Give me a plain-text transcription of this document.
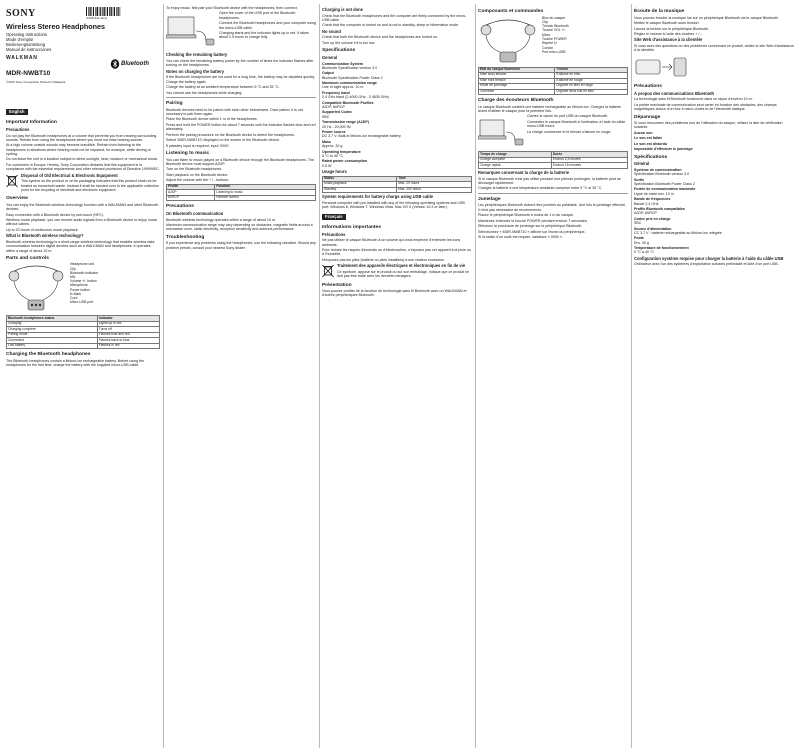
SONY	4-546-111-11(1)
Wireless Stereo Headphones
Operating Instructions
Mode d'emploi
Bedienungsanleitung
Manual de instrucciones
WALKMAN
Bluetooth
MDR-NWBT10
©2013 Sony Corporation Printed in Malaysia
English
Important Information
Precautions

Do not play the Bluetooth headphones at a volume that prevents you from hearing surrounding sounds. Refrain from using the headphones where you must not miss hearing sounds.

At a high volume outside sounds may become inaudible. Refrain from listening to the headphones in situations where hearing must not be impaired, for example, while driving or cycling.

Do not leave the unit in a location subject to direct sunlight, heat, moisture or mechanical shock.

For customers in Europe: Hereby, Sony Corporation declares that this equipment is in compliance with the essential requirements and other relevant provisions of Directive 1999/5/EC.

Disposal of Old Electrical & Electronic Equipment

This symbol on the product or on its packaging indicates that this product shall not be treated as household waste. Instead it shall be handed over to the applicable collection point for the recycling of electrical and electronic equipment.

Overview

You can enjoy the Bluetooth wireless technology function with a WALKMAN and other Bluetooth devices.

Easy connection with a Bluetooth device by one-touch (NFC).

Wireless music playback: you can receive audio signals from a Bluetooth device to enjoy music without cables.

Up to 20 hours of continuous music playback.

What is Bluetooth wireless technology?

Bluetooth wireless technology is a short-range wireless technology that enables wireless data communication between digital devices such as a WALKMAN and headphones. It operates within a range of about 10 m.

Parts and controls
Headphone unit
Clip
Bluetooth indicator
Mic
Volume +/- button
Microphone
Power button
N-Mark
Cord
Micro-USB port
Bluetooth headphones status	Indicator
Charging	Lights up in red
Charging complete	Turns off
Pairing mode	Flashes blue and red
Connected	Flashes twice in blue
Low battery	Flashes in red
Charging the Bluetooth headphones

The Bluetooth headphones contain a lithium-ion rechargeable battery. Before using the headphones for the first time, charge the battery with the supplied micro-USB cable.

To enjoy music, first pair your Bluetooth device with the headphones, then connect.

Open the cover of the USB port of the Bluetooth headphones.

Connect the Bluetooth headphones and your computer using the micro-USB cable.

Charging starts and the indicator lights up in red. It takes about 2.5 hours to charge fully.

Checking the remaining battery

You can check the remaining battery power by the number of times the indicator flashes after turning on the headphones.

Notes on charging the battery

If the Bluetooth headphones are not used for a long time, the battery may be depleted quickly. Charge the battery again.

Charge the battery at an ambient temperature between 5 °C and 35 °C.

You cannot use the headphones while charging.

Pairing

Bluetooth devices need to be paired with each other beforehand. Once paired, it is not necessary to pair them again.

Place the Bluetooth device within 1 m of the headphones.

Press and hold the POWER button for about 7 seconds until the indicator flashes blue and red alternately.

Perform the pairing procedure on the Bluetooth device to detect the headphones.

Select 'MDR-NWBT10' displayed on the screen of the Bluetooth device.

If passkey input is required, input '0000'.

Listening to music

You can listen to music played on a Bluetooth device through the Bluetooth headphones. The Bluetooth device must support A2DP.

Turn on the Bluetooth headphones.

Start playback on the Bluetooth device.

Adjust the volume with the + / - buttons.

Profile	Function
A2DP	Listening to music
AVRCP	Remote control
Precautions
On Bluetooth communication

Bluetooth wireless technology operates within a range of about 10 m.

Maximum communication range may vary depending on obstacles, magnetic fields around a microwave oven, static electricity, reception sensitivity and antenna performance.

Troubleshooting

If you experience any problems using the headphones, use the following checklist. Should any problem persist, consult your nearest Sony dealer.

Charging is not done

Check that the Bluetooth headphones and the computer are firmly connected by the micro-USB cable.

Check that the computer is turned on and is not in standby, sleep or hibernation mode.

No sound

Check that both the Bluetooth device and the headphones are turned on.

Turn up the volume if it is too low.

Specifications
General

Communication System
Bluetooth Specification version 3.0

Output
Bluetooth Specification Power Class 2

Maximum communication range
Line of sight approx. 10 m

Frequency band
2.4 GHz band (2.4000 GHz - 2.4835 GHz)

Compatible Bluetooth Profiles
A2DP, AVRCP

Supported Codec
SBC

Transmission range (A2DP)
20 Hz - 20,000 Hz

Power source
DC 3.7 V: Built-in lithium-ion rechargeable battery

Mass
Approx. 30 g

Operating temperature
0 °C to 40 °C

Rated power consumption
0.5 W

Usage hours
Status	Time
Music playback	Max. 20 hours
Standby	Max. 200 hours
System requirements for battery charge using USB cable

Personal computer with pre-installed with any of the following operating systems and USB port: Windows 8, Windows 7, Windows Vista, Mac OS X (Version 10.3 or later).

Français
Informations importantes
Précautions

Ne pas utiliser le casque Bluetooth à un volume qui vous empêche d'entendre les sons ambiants.

Pour réduire les risques d'incendie ou d'électrocution, n'exposez pas cet appareil à la pluie ou à l'humidité.

N'exposez pas les piles (batterie ou piles installées) à une chaleur excessive.

Traitement des appareils électriques et électroniques en fin de vie

Ce symbole, apposé sur le produit ou sur son emballage, indique que ce produit ne doit pas être traité avec les déchets ménagers.

Présentation

Vous pouvez profiter de la fonction de technologie sans fil Bluetooth avec un WALKMAN et d'autres périphériques Bluetooth.

Composants et commandes
Bloc du casque
Clip
Témoin Bluetooth
Touche VOL +/-
Micro
Touche POWER
Repère N
Cordon
Port micro-USB
État du casque Bluetooth	Témoin
Mise sous tension	S'allume en bleu
Mise hors tension	S'allume en rouge
Mode de jumelage	Clignote en bleu et rouge
Connecté	Clignote deux fois en bleu
Charge des écouteurs Bluetooth

Le casque Bluetooth contient une batterie rechargeable au lithium-ion. Chargez la batterie avant d'utiliser le casque pour la première fois.

Ouvrez le cache du port USB du casque Bluetooth.

Connectez le casque Bluetooth à l'ordinateur à l'aide du câble micro-USB fourni.

La charge commence et le témoin s'allume en rouge.

Temps de charge	Durée
Charge complète	Environ 2,5 heures
Charge rapide	Environ 15 minutes
Remarques concernant la charge de la batterie

Si le casque Bluetooth n'est pas utilisé pendant une période prolongée, la batterie peut se décharger rapidement.

Chargez la batterie à une température ambiante comprise entre 5 °C et 35 °C.

Jumelage

Les périphériques Bluetooth doivent être jumelés au préalable. Une fois le jumelage effectué, il n'est pas nécessaire de recommencer.

Placez le périphérique Bluetooth à moins de 1 m du casque.

Maintenez enfoncée la touche POWER pendant environ 7 secondes.

Effectuez la procédure de jumelage sur le périphérique Bluetooth.

Sélectionnez « MDR-NWBT10 » affiché sur l'écran du périphérique.

Si la saisie d'un code est requise, saisissez « 0000 ».

Écoute de la musique

Vous pouvez écouter la musique lue sur un périphérique Bluetooth via le casque Bluetooth.

Mettez le casque Bluetooth sous tension.

Lancez la lecture sur le périphérique Bluetooth.

Réglez le volume à l'aide des touches + / -.

Site Web d'assistance à la clientèle

Si vous avez des questions ou des problèmes concernant ce produit, visitez le site Web d'assistance à la clientèle.

Précautions
À propos des communications Bluetooth

La technologie sans fil Bluetooth fonctionne dans un rayon d'environ 10 m.

La portée maximale de communication peut varier en fonction des obstacles, des champs magnétiques autour d'un four à micro-ondes et de l'électricité statique.

Dépannage

Si vous rencontrez des problèmes lors de l'utilisation du casque, utilisez la liste de vérification suivante.

Aucun son

Le son est faible

Le son est distordu

Impossible d'effectuer le jumelage

Spécifications
Général

Système de communication
Spécification Bluetooth version 3.0

Sortie
Spécification Bluetooth Power Class 2

Portée de communication maximale
Ligne de visée env. 10 m

Bande de fréquences
Bande 2,4 GHz

Profils Bluetooth compatibles
A2DP, AVRCP

Codec pris en charge
SBC

Source d'alimentation
CC 3,7 V : batterie rechargeable au lithium-ion intégrée

Poids
Env. 30 g

Température de fonctionnement
0 °C à 40 °C

Configuration système requise pour charger la batterie à l'aide du câble USB

Ordinateur avec l'un des systèmes d'exploitation suivants préinstallé et doté d'un port USB.
